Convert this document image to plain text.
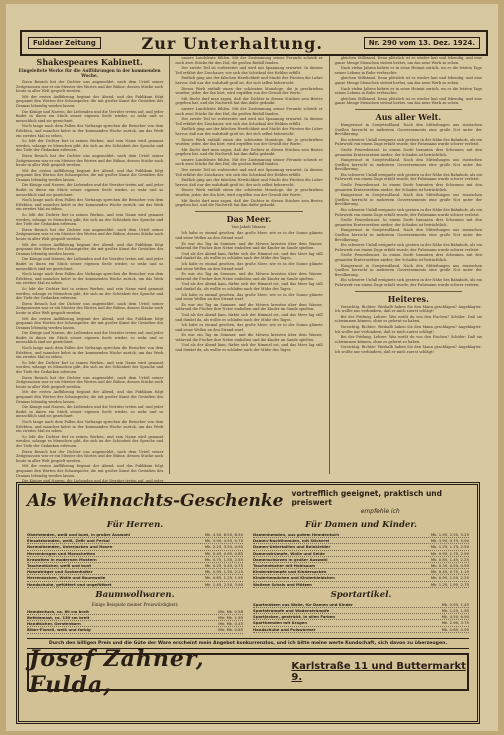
Fuldaer Zeitung	Zur Unterhaltung.	Nr. 290 vom 13. Dez. 1924.
Shakespeares Kabinett.
Eingeleitete Werke für die Aufführungen in der kommenden Woche.

Ihren Besuch hat der Dichter uns angemeldet, nach dem Urteil seiner Zeitgenossen war er ein Meister des Wortes und der Bühne, dessen Stücke noch heute in aller Welt gespielt werden.

Mit der ersten Aufführung beginnt der Abend, und das Publikum folgt gespannt den Worten der Schauspieler, die mit großer Kunst die Gestalten des Dramas lebendig werden lassen.

Die Könige und Narren, die Liebenden und die Verräter treten auf, und jeder findet in ihnen ein Stück seiner eigenen Seele wieder, so wahr und so menschlich sind sie gezeichnet.

Noch lange nach dem Fallen des Vorhangs sprechen die Besucher von dem Erlebten, und mancher kehrt in der kommenden Woche zurück, um das Werk ein zweites Mal zu sehen.

So lebt der Dichter fort in seinen Werken, und sein Name wird genannt werden, solange es Menschen gibt, die sich an der Schönheit der Sprache und der Tiefe der Gedanken erfreuen.

Ihren Besuch hat der Dichter uns angemeldet, nach dem Urteil seiner Zeitgenossen war er ein Meister des Wortes und der Bühne, dessen Stücke noch heute in aller Welt gespielt werden.

Mit der ersten Aufführung beginnt der Abend, und das Publikum folgt gespannt den Worten der Schauspieler, die mit großer Kunst die Gestalten des Dramas lebendig werden lassen.

Die Könige und Narren, die Liebenden und die Verräter treten auf, und jeder findet in ihnen ein Stück seiner eigenen Seele wieder, so wahr und so menschlich sind sie gezeichnet.

Noch lange nach dem Fallen des Vorhangs sprechen die Besucher von dem Erlebten, und mancher kehrt in der kommenden Woche zurück, um das Werk ein zweites Mal zu sehen.

So lebt der Dichter fort in seinen Werken, und sein Name wird genannt werden, solange es Menschen gibt, die sich an der Schönheit der Sprache und der Tiefe der Gedanken erfreuen.

Ihren Besuch hat der Dichter uns angemeldet, nach dem Urteil seiner Zeitgenossen war er ein Meister des Wortes und der Bühne, dessen Stücke noch heute in aller Welt gespielt werden.

Mit der ersten Aufführung beginnt der Abend, und das Publikum folgt gespannt den Worten der Schauspieler, die mit großer Kunst die Gestalten des Dramas lebendig werden lassen.

Die Könige und Narren, die Liebenden und die Verräter treten auf, und jeder findet in ihnen ein Stück seiner eigenen Seele wieder, so wahr und so menschlich sind sie gezeichnet.

Noch lange nach dem Fallen des Vorhangs sprechen die Besucher von dem Erlebten, und mancher kehrt in der kommenden Woche zurück, um das Werk ein zweites Mal zu sehen.

So lebt der Dichter fort in seinen Werken, und sein Name wird genannt werden, solange es Menschen gibt, die sich an der Schönheit der Sprache und der Tiefe der Gedanken erfreuen.

Ihren Besuch hat der Dichter uns angemeldet, nach dem Urteil seiner Zeitgenossen war er ein Meister des Wortes und der Bühne, dessen Stücke noch heute in aller Welt gespielt werden.

Mit der ersten Aufführung beginnt der Abend, und das Publikum folgt gespannt den Worten der Schauspieler, die mit großer Kunst die Gestalten des Dramas lebendig werden lassen.

Die Könige und Narren, die Liebenden und die Verräter treten auf, und jeder findet in ihnen ein Stück seiner eigenen Seele wieder, so wahr und so menschlich sind sie gezeichnet.

Noch lange nach dem Fallen des Vorhangs sprechen die Besucher von dem Erlebten, und mancher kehrt in der kommenden Woche zurück, um das Werk ein zweites Mal zu sehen.

So lebt der Dichter fort in seinen Werken, und sein Name wird genannt werden, solange es Menschen gibt, die sich an der Schönheit der Sprache und der Tiefe der Gedanken erfreuen.

Ihren Besuch hat der Dichter uns angemeldet, nach dem Urteil seiner Zeitgenossen war er ein Meister des Wortes und der Bühne, dessen Stücke noch heute in aller Welt gespielt werden.

Mit der ersten Aufführung beginnt der Abend, und das Publikum folgt gespannt den Worten der Schauspieler, die mit großer Kunst die Gestalten des Dramas lebendig werden lassen.

Die Könige und Narren, die Liebenden und die Verräter treten auf, und jeder findet in ihnen ein Stück seiner eigenen Seele wieder, so wahr und so menschlich sind sie gezeichnet.

Noch lange nach dem Fallen des Vorhangs sprechen die Besucher von dem Erlebten, und mancher kehrt in der kommenden Woche zurück, um das Werk ein zweites Mal zu sehen.

So lebt der Dichter fort in seinen Werken, und sein Name wird genannt werden, solange es Menschen gibt, die sich an der Schönheit der Sprache und der Tiefe der Gedanken erfreuen.

Ihren Besuch hat der Dichter uns angemeldet, nach dem Urteil seiner Zeitgenossen war er ein Meister des Wortes und der Bühne, dessen Stücke noch heute in aller Welt gespielt werden.

Mit der ersten Aufführung beginnt der Abend, und das Publikum folgt gespannt den Worten der Schauspieler, die mit großer Kunst die Gestalten des Dramas lebendig werden lassen.

unsere Landsleute fühlen. Mit der Zustimmung seiner Freunde schrieb er noch zwei Stücke für den Hof, die großen Beifall fanden.

Der zweite Teil ist vorbereitet und wird mit Spannung erwartet. In diesem Teil erfährt der Zuschauer, wie sich das Schicksal der Helden erfüllt.

Endlich ging aus der falschen Herrlichkeit und Macht der Fürsten die Lehre hervor, daß nur der wahrhaft groß ist, der sich selbst beherrscht.

Dieses Werk enthält einen der schönsten Monologe, die je geschrieben wurden; jeder, der ihn hört, wird ergriffen von der Gewalt der Worte.

Mit Recht darf man sagen, daß der Dichter in diesen Stücken sein Bestes gegeben hat, und die Nachwelt hat ihm dafür gedankt.

unsere Landsleute fühlen. Mit der Zustimmung seiner Freunde schrieb er noch zwei Stücke für den Hof, die großen Beifall fanden.

Der zweite Teil ist vorbereitet und wird mit Spannung erwartet. In diesem Teil erfährt der Zuschauer, wie sich das Schicksal der Helden erfüllt.

Endlich ging aus der falschen Herrlichkeit und Macht der Fürsten die Lehre hervor, daß nur der wahrhaft groß ist, der sich selbst beherrscht.

Dieses Werk enthält einen der schönsten Monologe, die je geschrieben wurden; jeder, der ihn hört, wird ergriffen von der Gewalt der Worte.

Mit Recht darf man sagen, daß der Dichter in diesen Stücken sein Bestes gegeben hat, und die Nachwelt hat ihm dafür gedankt.

unsere Landsleute fühlen. Mit der Zustimmung seiner Freunde schrieb er noch zwei Stücke für den Hof, die großen Beifall fanden.

Der zweite Teil ist vorbereitet und wird mit Spannung erwartet. In diesem Teil erfährt der Zuschauer, wie sich das Schicksal der Helden erfüllt.

Endlich ging aus der falschen Herrlichkeit und Macht der Fürsten die Lehre hervor, daß nur der wahrhaft groß ist, der sich selbst beherrscht.

Dieses Werk enthält einen der schönsten Monologe, die je geschrieben wurden; jeder, der ihn hört, wird ergriffen von der Gewalt der Worte.

Mit Recht darf man sagen, daß der Dichter in diesen Stücken sein Bestes gegeben hat, und die Nachwelt hat ihm dafür gedankt.

Das Meer.
Von Jakob Wasser.

Ich habe es einmal gesehen, das große Meer, wie es in der Sonne glänzte und seine Wellen an den Strand warf.

Es war ein Tag im Sommer, und die Möwen kreisten über dem Wasser, während die Fischer ihre Netze einholten und die Kinder im Sande spielten.

Und als der Abend kam, färbte sich der Himmel rot, und das Meer lag still und dunkel da, als wollte es schlafen nach der Mühe des Tages.

Ich habe es einmal gesehen, das große Meer, wie es in der Sonne glänzte und seine Wellen an den Strand warf.

Es war ein Tag im Sommer, und die Möwen kreisten über dem Wasser, während die Fischer ihre Netze einholten und die Kinder im Sande spielten.

Und als der Abend kam, färbte sich der Himmel rot, und das Meer lag still und dunkel da, als wollte es schlafen nach der Mühe des Tages.

Ich habe es einmal gesehen, das große Meer, wie es in der Sonne glänzte und seine Wellen an den Strand warf.

Es war ein Tag im Sommer, und die Möwen kreisten über dem Wasser, während die Fischer ihre Netze einholten und die Kinder im Sande spielten.

Und als der Abend kam, färbte sich der Himmel rot, und das Meer lag still und dunkel da, als wollte es schlafen nach der Mühe des Tages.

Ich habe es einmal gesehen, das große Meer, wie es in der Sonne glänzte und seine Wellen an den Strand warf.

Es war ein Tag im Sommer, und die Möwen kreisten über dem Wasser, während die Fischer ihre Netze einholten und die Kinder im Sande spielten.

Und als der Abend kam, färbte sich der Himmel rot, und das Meer lag still und dunkel da, als wollte es schlafen nach der Mühe des Tages.

gleichen Stillstand. Denn plötzlich ist es wieder laut und lebendig, und eine ganze Menge Menschen strömt herbei, um das neue Werk zu sehen.

Nach vielen Jahren kehrte er in seine Heimat zurück, wo er die letzten Tage seines Lebens in Ruhe verbrachte.

gleichen Stillstand. Denn plötzlich ist es wieder laut und lebendig, und eine ganze Menge Menschen strömt herbei, um das neue Werk zu sehen.

Nach vielen Jahren kehrte er in seine Heimat zurück, wo er die letzten Tage seines Lebens in Ruhe verbrachte.

gleichen Stillstand. Denn plötzlich ist es wieder laut und lebendig, und eine ganze Menge Menschen strömt herbei, um das neue Werk zu sehen.

Aus aller Welt.

Hungersnot in Sowjetrußland. Nach den Mitteilungen aus russischen Quellen herrscht in mehreren Gouvernements eine große Not unter der Bevölkerung.

Ein schwerer Unfall ereignete sich gestern in der Nähe des Bahnhofs, als ein Fuhrwerk von einem Zuge erfaßt wurde; der Fuhrmann wurde schwer verletzt.

Große Feuersbrunst. In einem Dorfe brannten drei Scheunen mit den gesamten Erntevorräten nieder; der Schaden ist beträchtlich.

Hungersnot in Sowjetrußland. Nach den Mitteilungen aus russischen Quellen herrscht in mehreren Gouvernements eine große Not unter der Bevölkerung.

Ein schwerer Unfall ereignete sich gestern in der Nähe des Bahnhofs, als ein Fuhrwerk von einem Zuge erfaßt wurde; der Fuhrmann wurde schwer verletzt.

Große Feuersbrunst. In einem Dorfe brannten drei Scheunen mit den gesamten Erntevorräten nieder; der Schaden ist beträchtlich.

Hungersnot in Sowjetrußland. Nach den Mitteilungen aus russischen Quellen herrscht in mehreren Gouvernements eine große Not unter der Bevölkerung.

Ein schwerer Unfall ereignete sich gestern in der Nähe des Bahnhofs, als ein Fuhrwerk von einem Zuge erfaßt wurde; der Fuhrmann wurde schwer verletzt.

Große Feuersbrunst. In einem Dorfe brannten drei Scheunen mit den gesamten Erntevorräten nieder; der Schaden ist beträchtlich.

Hungersnot in Sowjetrußland. Nach den Mitteilungen aus russischen Quellen herrscht in mehreren Gouvernements eine große Not unter der Bevölkerung.

Ein schwerer Unfall ereignete sich gestern in der Nähe des Bahnhofs, als ein Fuhrwerk von einem Zuge erfaßt wurde; der Fuhrmann wurde schwer verletzt.

Große Feuersbrunst. In einem Dorfe brannten drei Scheunen mit den gesamten Erntevorräten nieder; der Schaden ist beträchtlich.

Hungersnot in Sowjetrußland. Nach den Mitteilungen aus russischen Quellen herrscht in mehreren Gouvernements eine große Not unter der Bevölkerung.

Ein schwerer Unfall ereignete sich gestern in der Nähe des Bahnhofs, als ein Fuhrwerk von einem Zuge erfaßt wurde; der Fuhrmann wurde schwer verletzt.

Heiteres.

Vorsichtig. Richter: Weshalb haben Sie den Mann geschlagen? Angeklagter: Ich wollte nur verhindern, daß er mich zuerst schlägt!

Bei der Prüfung. Lehrer: Was weißt du von den Fischen? Schüler: Daß sie schwimmen können, ohne es gelernt zu haben.

Vorsichtig. Richter: Weshalb haben Sie den Mann geschlagen? Angeklagter: Ich wollte nur verhindern, daß er mich zuerst schlägt!

Bei der Prüfung. Lehrer: Was weißt du von den Fischen? Schüler: Daß sie schwimmen können, ohne es gelernt zu haben.

Vorsichtig. Richter: Weshalb haben Sie den Mann geschlagen? Angeklagter: Ich wollte nur verhindern, daß er mich zuerst schlägt!

Als Weihnachts-Geschenke vortrefflich geeignet, praktisch und preiswert
empfehle ich
Für Herren.
Oberhemden, weiß und bunt, in großer Auswahl	Mk. 4.50, 6.50, 8.50
Einsatzhemden, weiß, Zefir und Perkal	Mk. 3.90, 4.50, 5.75
Normalhemden, Unterjacken und Hosen	Mk. 2.25, 3.50, 4.90
Herrenkragen und Manschetten	Mk. 0.45, 0.65, 0.85
Krawatten in modernen Mustern	Mk. 0.75, 1.50, 2.50
Taschentücher, weiß und bunt	Mk. 0.25, 0.45, 0.75
Hosenträger und Sockenhalter	Mk. 0.95, 1.50, 2.25
Herrensocken, Wolle und Baumwolle	Mk. 0.65, 1.25, 1.95
Handschuhe, gefüttert und ungefüttert	Mk. 1.45, 2.50, 3.90
Baumwollwaren.
Einige Beispiele meiner Preiswürdigkeit:
Hemdentuch, ca. 80 cm breit	Mtr. Mk. 0.58
Bettdamast, ca. 130 cm breit	Mtr. Mk. 1.95
Handtücher, Gerstenkorn	Mtr. Mk. 0.45
Biber-Flanell, weiß und farbig	Mtr. Mk. 0.85
Für Damen und Kinder.
Damenhemden, aus gutem Hemdentuch	Mk. 1.95, 2.50, 3.25
Damen-Nachthemden, mit Stickerei	Mk. 3.90, 4.75, 5.90
Damen-Untertaillen und Beinkleider	Mk. 1.25, 1.75, 2.50
Damenstrümpfe, Wolle und Seide	Mk. 0.95, 1.75, 2.90
Damenschürzen in großer Auswahl	Mk. 0.85, 1.45, 2.25
Taschentücher mit Hohlsaum	Mk. 0.35, 0.55, 0.95
Kinderstrümpfe und Kindersocken	Mk. 0.45, 0.75, 1.10
Kinderhemdchen und Kinderkleidchen	Mk. 0.95, 1.50, 2.25
Wollene Schals und Mützen	Mk. 1.25, 1.95, 2.75
Sportartikel.
Sportmützen aus Wolle, für Damen und Kinder	Mk. 0.95, 1.45
Sportstrümpfe und Wadenstrümpfe	Mk. 1.25, 1.95
Sportjacken, gestrickt, in allen Farben	Mk. 4.50, 6.90
Sporthemden mit Kragen	Mk. 2.90, 3.75
Handschuhe und Pulswärmer	Mk. 0.65, 0.95
Durch den billigen Preis und die Güte der Ware erscheint mein Angebot konkurrenzlos, und ich bitte meine werte Kundschaft, sich davon zu überzeugen.
Josef Zahner, Fulda,
Karlstraße 11 und Buttermarkt 9.
